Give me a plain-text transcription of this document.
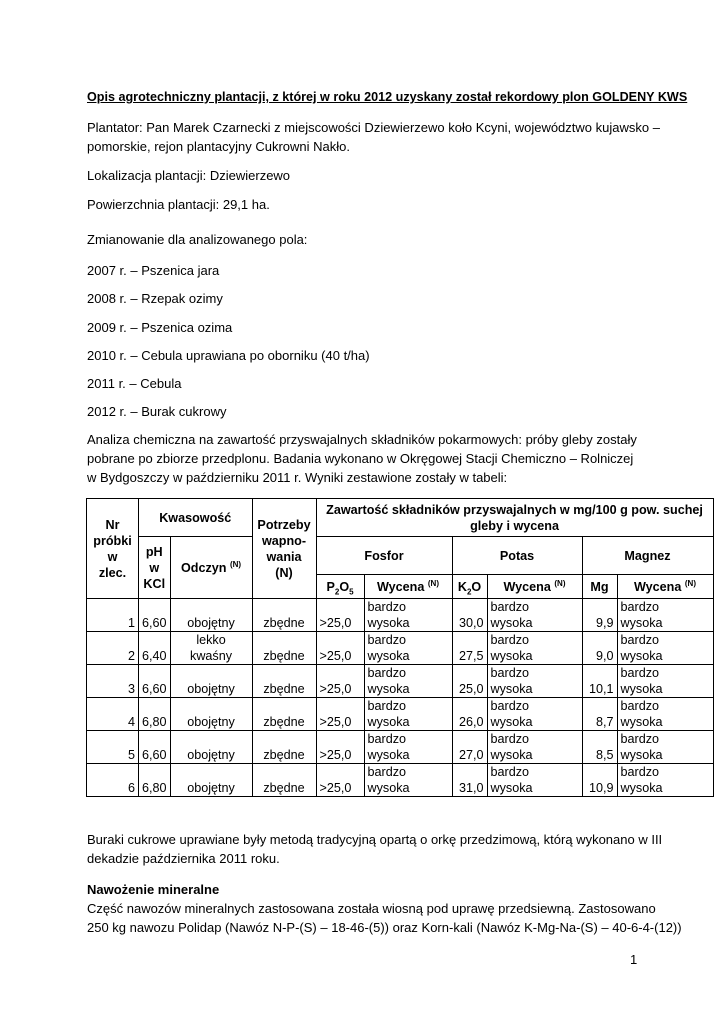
Opis agrotechniczny plantacji, z której w roku 2012 uzyskany został rekordowy plon GOLDENY KWS
Plantator: Pan Marek Czarnecki z miejscowości Dziewierzewo koło Kcyni, województwo kujawsko –
pomorskie, rejon plantacyjny Cukrowni Nakło.
Lokalizacja plantacji: Dziewierzewo
Powierzchnia plantacji: 29,1 ha.
Zmianowanie dla analizowanego pola:
2007 r. – Pszenica jara
2008 r. – Rzepak ozimy
2009 r. – Pszenica ozima
2010 r. – Cebula uprawiana po oborniku (40 t/ha)
2011 r. – Cebula
2012 r. – Burak cukrowy
Analiza chemiczna na zawartość przyswajalnych składników pokarmowych: próby gleby zostały
pobrane po zbiorze przedplonu. Badania wykonano w Okręgowej Stacji Chemiczno – Rolniczej
w Bydgoszczy w październiku 2011 r. Wyniki zestawione zostały w tabeli:
Nr
próbki
w
zlec.	Kwasowość		Potrzeby
wapno-
wania
(N)	Zawartość składników przyswajalnych w mg/100 g pow. suchej gleby i wycena					

	pH
w
KCl	Odczyn $^{(N)}$		Fosfor		Potas		Magnez	
				$P_2O_5$	Wycena $^{(N)}$	$K_2O$	Wycena $^{(N)}$	Mg	Wycena $^{(N)}$
1	6,60	obojętny	zbędne	>25,0	bardzo
wysoka	30,0	bardzo
wysoka	9,9	bardzo
wysoka

2	6,40	lekko
kwaśny	zbędne	>25,0	bardzo
wysoka	27,5	bardzo
wysoka	9,0	bardzo
wysoka

3	6,60	obojętny	zbędne	>25,0	bardzo
wysoka	25,0	bardzo
wysoka	10,1	bardzo
wysoka

4	6,80	obojętny	zbędne	>25,0	bardzo
wysoka	26,0	bardzo
wysoka	8,7	bardzo
wysoka

5	6,60	obojętny	zbędne	>25,0	bardzo
wysoka	27,0	bardzo
wysoka	8,5	bardzo
wysoka

6	6,80	obojętny	zbędne	>25,0	bardzo
wysoka	31,0	bardzo
wysoka	10,9	bardzo
wysoka
Buraki cukrowe uprawiane były metodą tradycyjną opartą o orkę przedzimową, którą wykonano w III
dekadzie października 2011 roku.
Nawożenie mineralne
Część nawozów mineralnych zastosowana została wiosną pod uprawę przedsiewną. Zastosowano
250 kg nawozu Polidap (Nawóz N-P-(S) – 18-46-(5)) oraz Korn-kali (Nawóz K-Mg-Na-(S) – 40-6-4-(12))
1
